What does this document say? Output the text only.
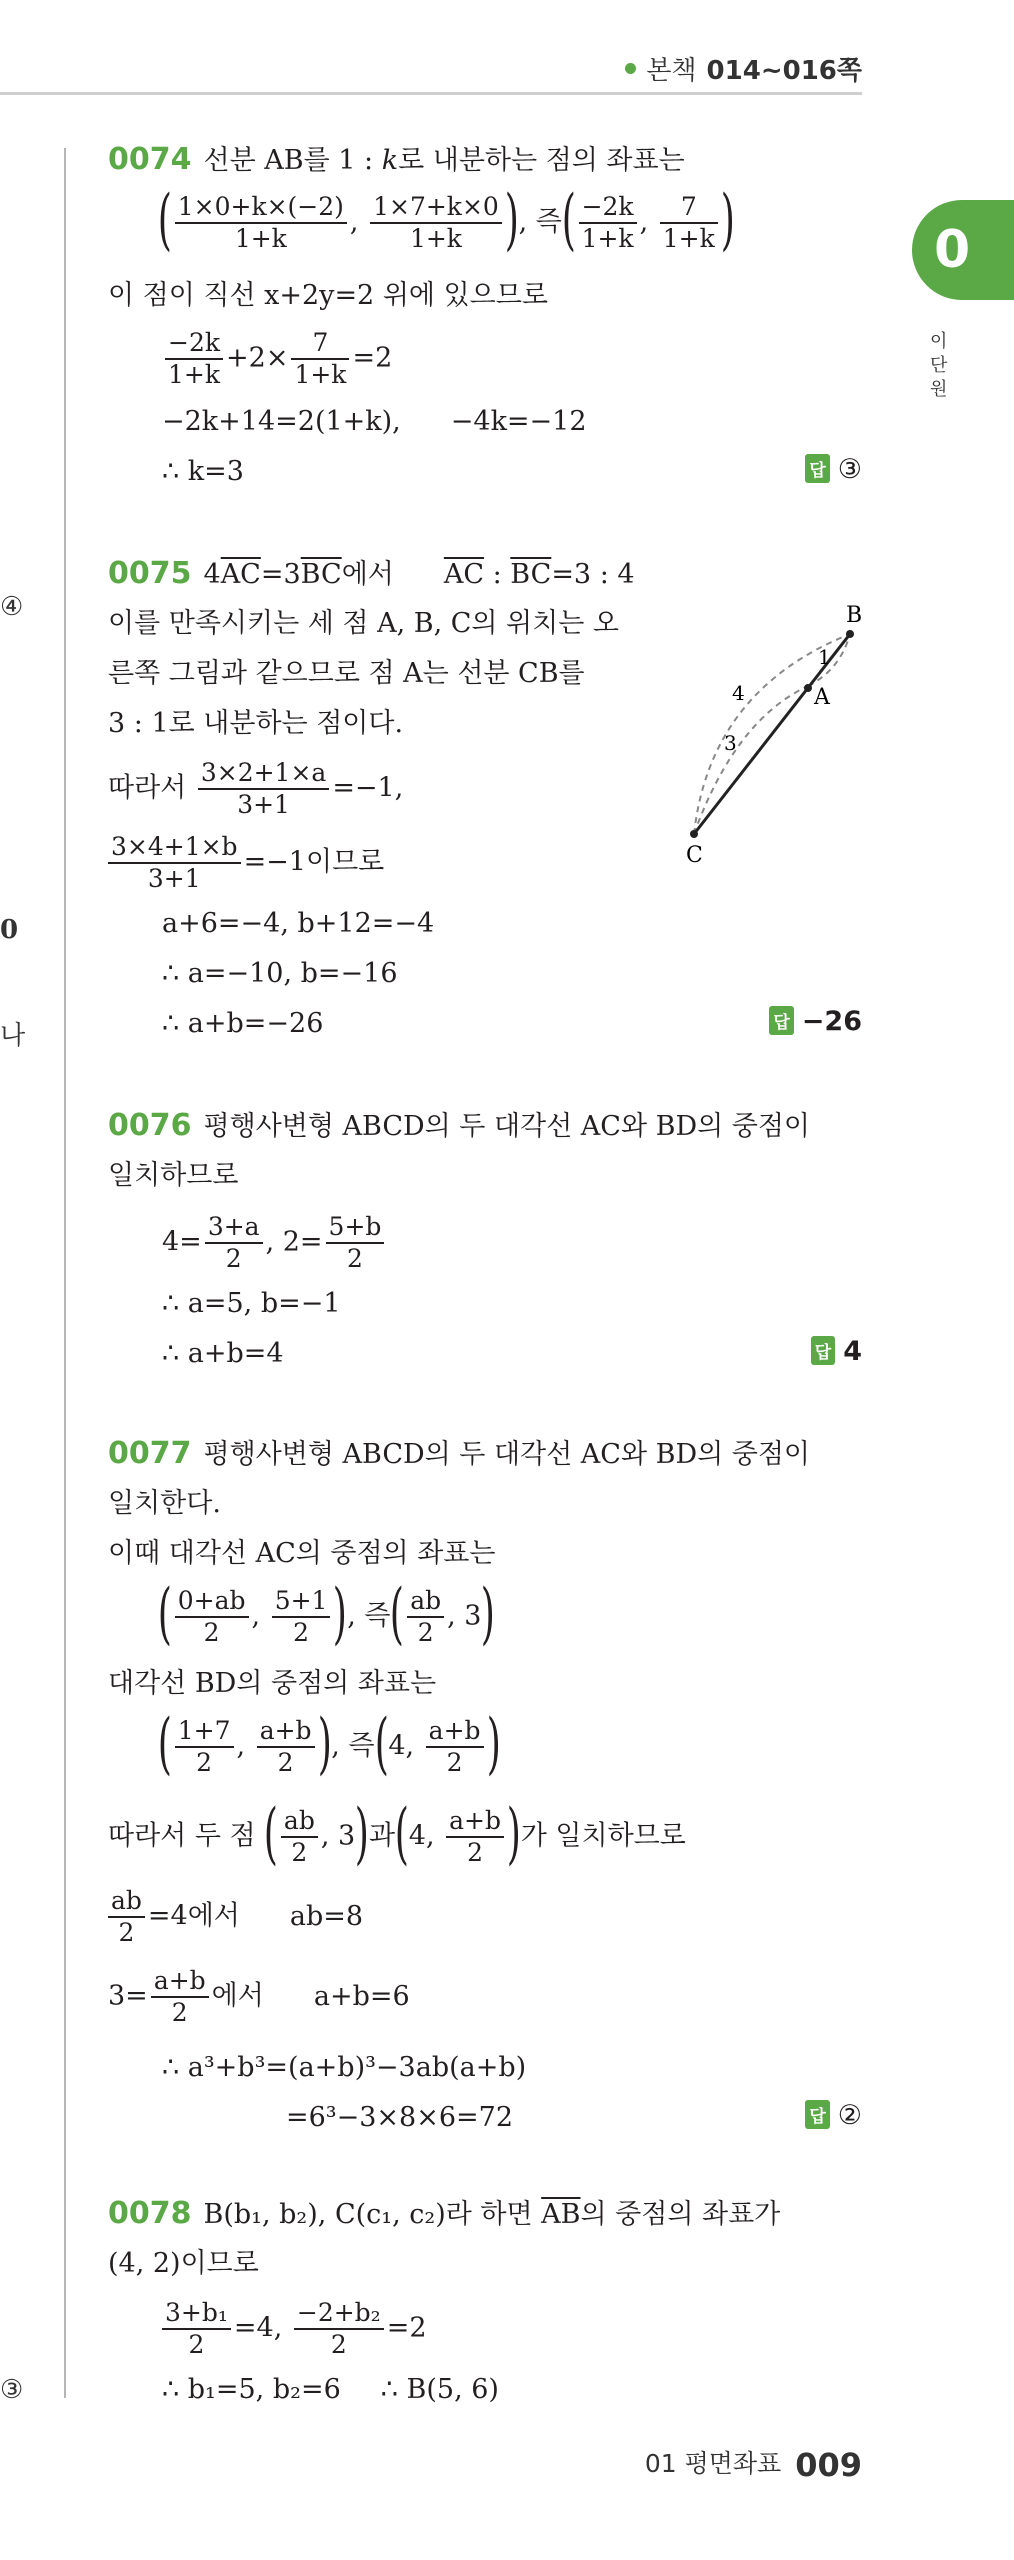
본책 014~016쪽
0
이 단 원
④
0
나
③
0074 선분 AB를 1 : k로 내분하는 점의 좌표는
( $\frac{1\times 0+k\times(-2)}{1+k}$ , $\frac{1\times 7+k\times 0}{1+k}$ ), 즉( $\frac{-2k}{1+k}$ , $\frac{7}{1+k}$ )
이 점이 직선 x+2y=2 위에 있으므로
$\frac{-2k}{1+k} +2\times \frac{7}{1+k} =2$
−2k+14=2(1+k), −4k=−12
∴ k=3	답 ③
0075 $4\overline{AC}=3\overline{BC}$에서 $\overline{AC}$ : $\overline{BC}=3$ : 4
이를 만족시키는 세 점 A, B, C의 위치는 오
른쪽 그림과 같으므로 점 A는 선분 CB를
3 : 1로 내분하는 점이다.
따라서 $\frac{3\times 2+1\times a}{3+1} =-1$,
$\frac{3\times 4+1\times b}{3+1} =-1$이므로
a+6=−4, b+12=−4
∴ a=−10, b=−16
∴ a+b=−26	답 −26
B
A
C
1
4
3
0076 평행사변형 ABCD의 두 대각선 AC와 BD의 중점이
일치하므로
$4= \frac{3+a}{2}$ , $2= \frac{5+b}{2}$
∴ a=5, b=−1
∴ a+b=4	답 4
0077 평행사변형 ABCD의 두 대각선 AC와 BD의 중점이
일치한다.
이때 대각선 AC의 중점의 좌표는
( $\frac{0+ab}{2}$ , $\frac{5+1}{2}$ ), 즉( $\frac{ab}{2}$ , 3)
대각선 BD의 중점의 좌표는
( $\frac{1+7}{2}$ , $\frac{a+b}{2}$ ), 즉(4, $\frac{a+b}{2}$ )
따라서 두 점 ( $\frac{ab}{2}$ , 3)과(4, $\frac{a+b}{2}$ )가 일치하므로
$\frac{ab}{2} =4$에서 ab=8
$3= \frac{a+b}{2}$ 에서 a+b=6
∴ a³+b³=(a+b)³−3ab(a+b)
=6³−3×8×6=72	답 ②
0078 B(b₁, b₂), C(c₁, c₂)라 하면 $\overline{AB}$의 중점의 좌표가
(4, 2)이므로
$\frac{\text{3+b₁}}{2} =4$, $\frac{\text{−2+b₂}}{2} =2$
∴ b₁=5, b₂=6 ∴ B(5, 6)
01 평면좌표 009
